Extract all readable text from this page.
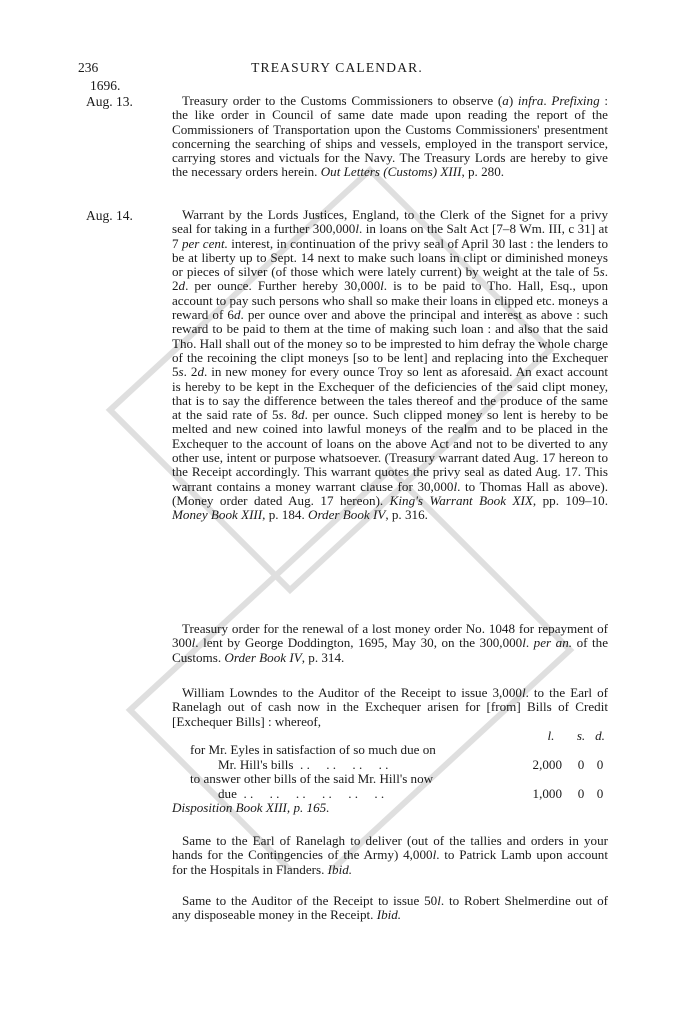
236	TREASURY CALENDAR.
1696.
Aug. 13.	Treasury order to the Customs Commissioners to observe (a) infra. Prefixing : the like order in Council of same date made upon reading the report of the Commissioners of Transportation upon the Customs Commissioners' presentment concerning the searching of ships and vessels, employed in the transport service, carrying stores and victuals for the Navy. The Treasury Lords are hereby to give the necessary orders herein. Out Letters (Customs) XIII, p. 280.

Aug. 14.	Warrant by the Lords Justices, England, to the Clerk of the Signet for a privy seal for taking in a further 300,000l. in loans on the Salt Act [7–8 Wm. III, c 31] at 7 per cent. interest, in continuation of the privy seal of April 30 last : the lenders to be at liberty up to Sept. 14 next to make such loans in clipt or diminished moneys or pieces of silver (of those which were lately current) by weight at the tale of 5s. 2d. per ounce. Further hereby 30,000l. is to be paid to Tho. Hall, Esq., upon account to pay such persons who shall so make their loans in clipped etc. moneys a reward of 6d. per ounce over and above the principal and interest as above : such reward to be paid to them at the time of making such loan : and also that the said Tho. Hall shall out of the money so to be imprested to him defray the whole charge of the recoining the clipt moneys [so to be lent] and replacing into the Exchequer 5s. 2d. in new money for every ounce Troy so lent as aforesaid. An exact account is hereby to be kept in the Exchequer of the deficiencies of the said clipt money, that is to say the difference between the tales thereof and the produce of the same at the said rate of 5s. 8d. per ounce. Such clipped money so lent is hereby to be melted and new coined into lawful moneys of the realm and to be placed in the Exchequer to the account of loans on the above Act and not to be diverted to any other use, intent or purpose whatsoever. (Treasury warrant dated Aug. 17 hereon to the Receipt accordingly. This warrant quotes the privy seal as dated Aug. 17. This warrant contains a money warrant clause for 30,000l. to Thomas Hall as above). (Money order dated Aug. 17 hereon). King's Warrant Book XIX, pp. 109–10. Money Book XIII, p. 184. Order Book IV, p. 316.

Treasury order for the renewal of a lost money order No. 1048 for repayment of 300l. lent by George Doddington, 1695, May 30, on the 300,000l. per an. of the Customs. Order Book IV, p. 314.

William Lowndes to the Auditor of the Receipt to issue 3,000l. to the Earl of Ranelagh out of cash now in the Exchequer arisen for [from] Bills of Credit [Exchequer Bills] : whereof,

l. s. d.
for Mr. Eyles in satisfaction of so much due on
Mr. Hill's bills  . .     . .     . .     . .	2,000 0 0
to answer other bills of the said Mr. Hill's now
due  . .     . .     . .     . .     . .     . .	1,000 0 0
Disposition Book XIII, p. 165.

Same to the Earl of Ranelagh to deliver (out of the tallies and orders in your hands for the Contingencies of the Army) 4,000l. to Patrick Lamb upon account for the Hospitals in Flanders. Ibid.

Same to the Auditor of the Receipt to issue 50l. to Robert Shelmerdine out of any disposeable money in the Receipt. Ibid.
